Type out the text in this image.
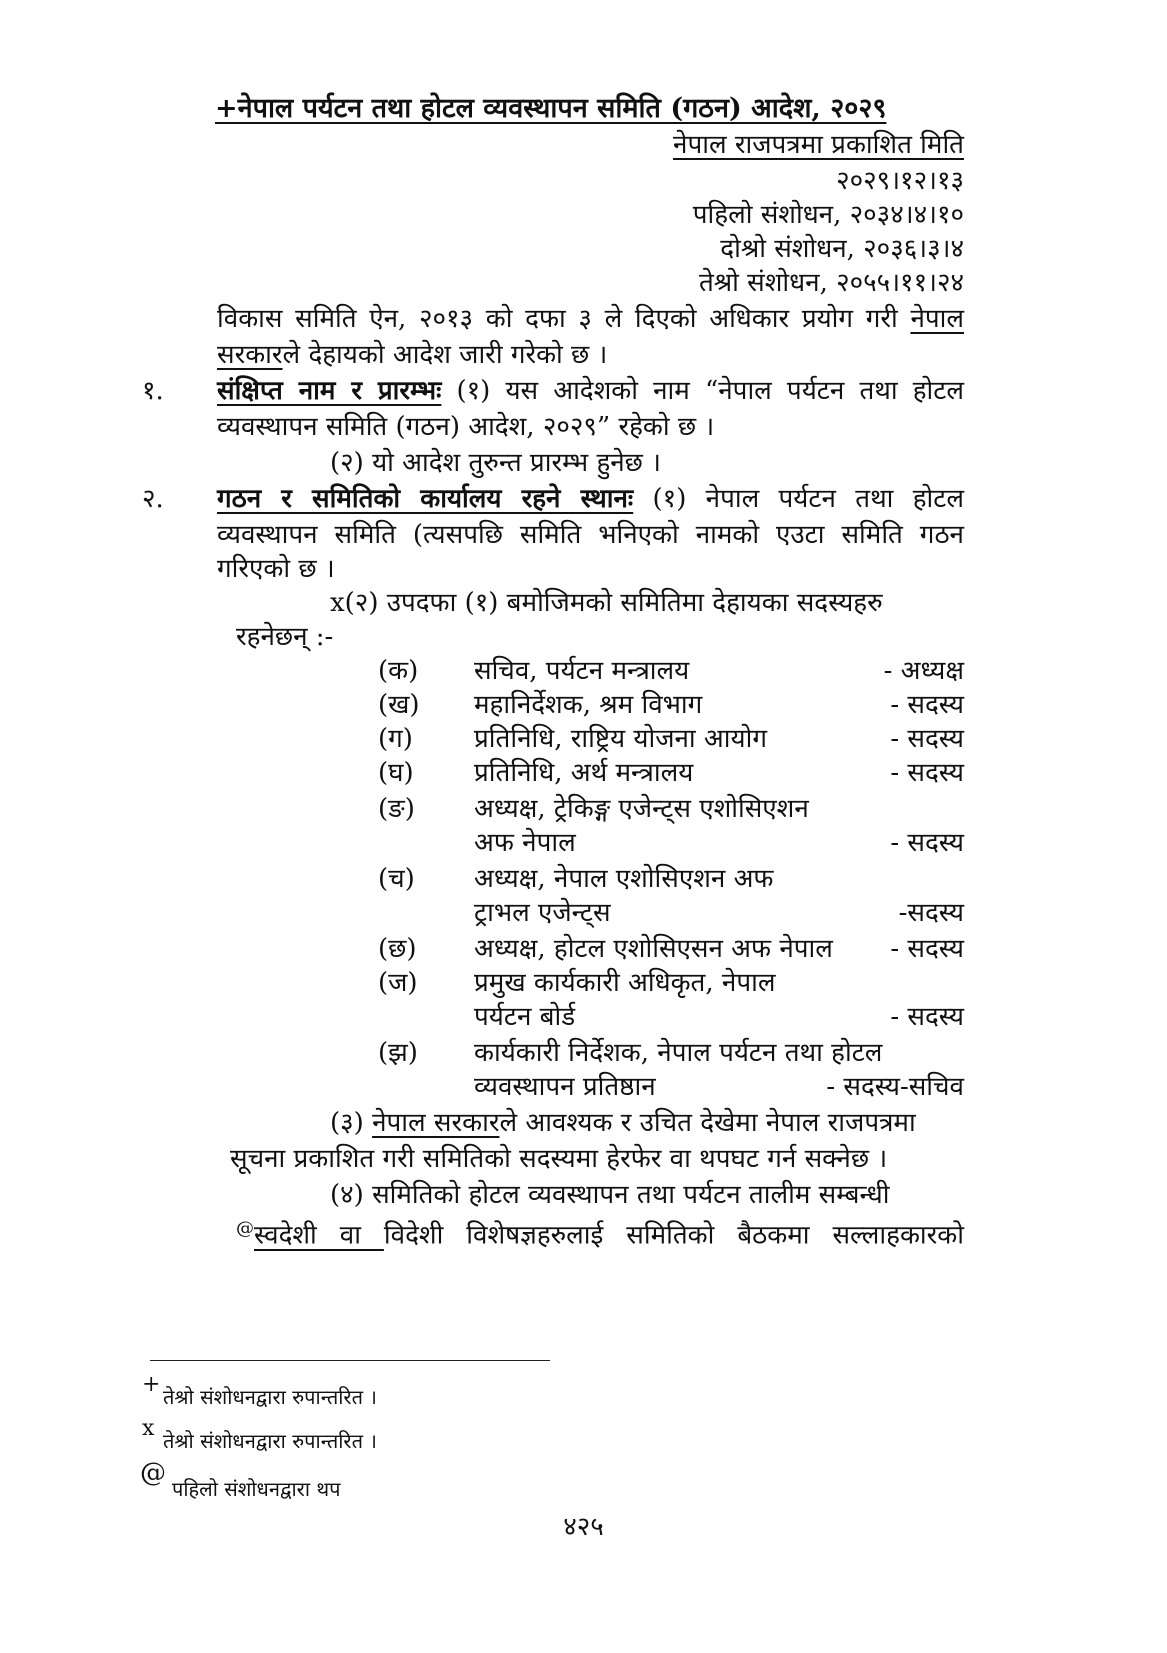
+नेपाल पर्यटन तथा होटल व्यवस्थापन समिति (गठन) आदेश, २०२९
नेपाल राजपत्रमा प्रकाशित मिति
२०२९।१२।१३
पहिलो संशोधन, २०३४।४।१०
दोश्रो संशोधन, २०३६।३।४
तेश्रो संशोधन, २०५५।११।२४
विकास समिति ऐन, २०१३ को दफा ३ ले दिएको अधिकार प्रयोग गरी नेपाल
सरकारले देहायको आदेश जारी गरेको छ ।
१. संक्षिप्त नाम र प्रारम्भः (१) यस आदेशको नाम “नेपाल पर्यटन तथा होटल
व्यवस्थापन समिति (गठन) आदेश, २०२९” रहेको छ ।
(२) यो आदेश तुरुन्त प्रारम्भ हुनेछ ।
२. गठन र समितिको कार्यालय रहने स्थानः (१) नेपाल पर्यटन तथा होटल
व्यवस्थापन समिति (त्यसपछि समिति भनिएको नामको एउटा समिति गठन
गरिएको छ ।
x(२) उपदफा (१) बमोजिमको समितिमा देहायका सदस्यहरु
रहनेछन् :-
(क) सचिव, पर्यटन मन्त्रालय	- अध्यक्ष
(ख) महानिर्देशक, श्रम विभाग	- सदस्य
(ग) प्रतिनिधि, राष्ट्रिय योजना आयोग	- सदस्य
(घ) प्रतिनिधि, अर्थ मन्त्रालय	- सदस्य
(ङ) अध्यक्ष, ट्रेकिङ्ग एजेन्ट्स एशोसिएशन
अफ नेपाल	- सदस्य
(च) अध्यक्ष, नेपाल एशोसिएशन अफ
ट्राभल एजेन्ट्स	-सदस्य
(छ) अध्यक्ष, होटल एशोसिएसन अफ नेपाल - सदस्य
(ज) प्रमुख कार्यकारी अधिकृत, नेपाल
पर्यटन बोर्ड	- सदस्य
(झ) कार्यकारी निर्देशक, नेपाल पर्यटन तथा होटल
व्यवस्थापन प्रतिष्ठान	- सदस्य-सचिव
(३) नेपाल सरकारले आवश्यक र उचित देखेमा नेपाल राजपत्रमा
सूचना प्रकाशित गरी समितिको सदस्यमा हेरफेर वा थपघट गर्न सक्नेछ ।
(४) समितिको होटल व्यवस्थापन तथा पर्यटन तालीम सम्बन्धी
@स्वदेशी वा विदेशी विशेषज्ञहरुलाई समितिको बैठकमा सल्लाहकारको
+ तेश्रो संशोधनद्वारा रुपान्तरित ।
x तेश्रो संशोधनद्वारा रुपान्तरित ।
@
पहिलो संशोधनद्वारा थप
४२५
